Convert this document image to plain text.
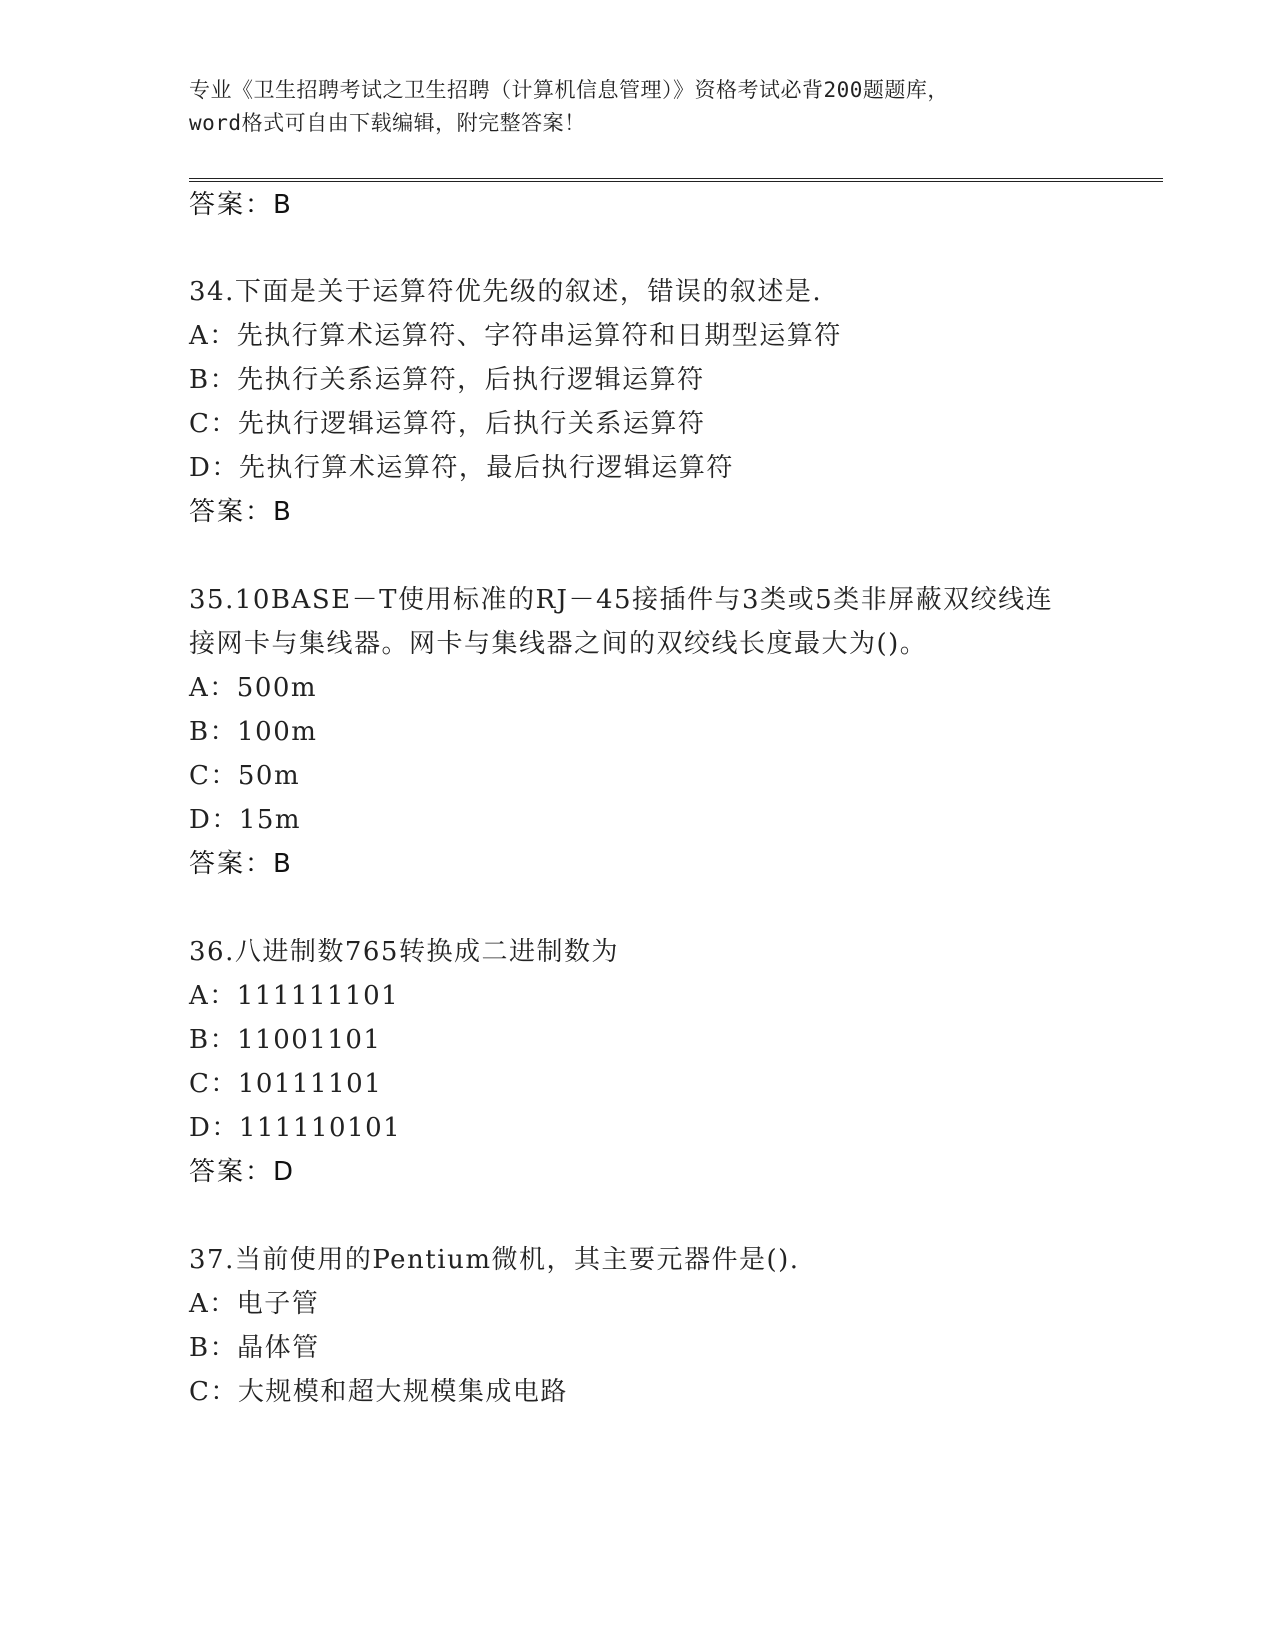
专业《卫生招聘考试之卫生招聘（计算机信息管理）》资格考试必背200题题库，
word格式可自由下载编辑，附完整答案！
答案：B
34.下面是关于运算符优先级的叙述，错误的叙述是.
A：先执行算术运算符、字符串运算符和日期型运算符
B：先执行关系运算符，后执行逻辑运算符
C：先执行逻辑运算符，后执行关系运算符
D：先执行算术运算符，最后执行逻辑运算符
答案：B
35.10BASE－T使用标准的RJ－45接插件与3类或5类非屏蔽双绞线连
接网卡与集线器。网卡与集线器之间的双绞线长度最大为()。
A：500m
B：100m
C：50m
D：15m
答案：B
36.八进制数765转换成二进制数为
A：111111101
B：11001101
C：10111101
D：111110101
答案：D
37.当前使用的Pentium微机，其主要元器件是().
A：电子管
B：晶体管
C：大规模和超大规模集成电路
